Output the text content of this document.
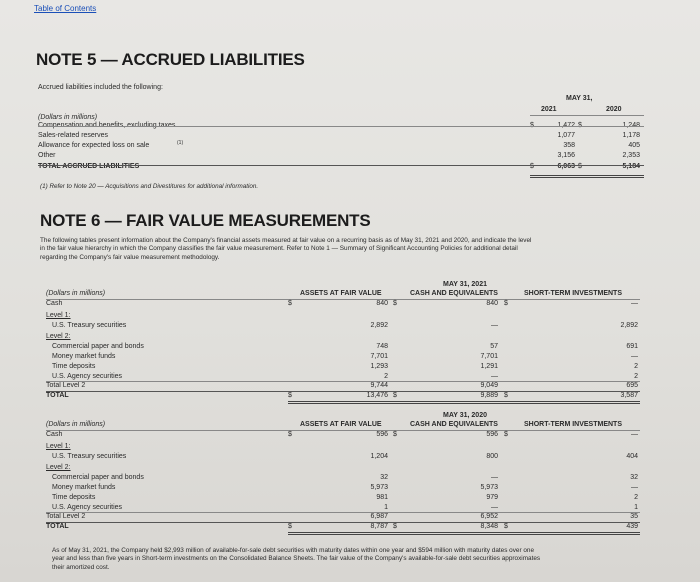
Table of Contents
NOTE 5 — ACCRUED LIABILITIES
Accrued liabilities included the following:
MAY 31,
2021	2020
(Dollars in millions)
Compensation and benefits, excluding taxes	$	1,472 $	1,248
Sales-related reserves	1,077	1,178
Allowance for expected loss on sale	(1)	358	405
Other	3,156	2,353
TOTAL ACCRUED LIABILITIES	$	6,063 $	5,184
(1) Refer to Note 20 — Acquisitions and Divestitures for additional information.
NOTE 6 — FAIR VALUE MEASUREMENTS
The following tables present information about the Company's financial assets measured at fair value on a recurring basis as of May 31, 2021 and 2020, and indicate the level
in the fair value hierarchy in which the Company classifies the fair value measurement. Refer to Note 1 — Summary of Significant Accounting Policies for additional detail
regarding the Company's fair value measurement methodology.
MAY 31, 2021
ASSETS AT FAIR VALUE	CASH AND EQUIVALENTS	SHORT-TERM INVESTMENTS
(Dollars in millions)
Cash	$	840 $	840 $	—
Level 1:
U.S. Treasury securities	2,892	—	2,892
Level 2:
Commercial paper and bonds	748	57	691
Money market funds	7,701	7,701	—
Time deposits	1,293	1,291	2
U.S. Agency securities	2	—	2
Total Level 2	9,744	9,049	695
TOTAL	$	13,476 $	9,889 $	3,587
MAY 31, 2020
ASSETS AT FAIR VALUE	CASH AND EQUIVALENTS	SHORT-TERM INVESTMENTS
(Dollars in millions)
Cash	$	596 $	596 $	—
Level 1:
U.S. Treasury securities	1,204	800	404
Level 2:
Commercial paper and bonds	32	—	32
Money market funds	5,973	5,973	—
Time deposits	981	979	2
U.S. Agency securities	1	—	1
Total Level 2	6,987	6,952	35
TOTAL	$	8,787 $	8,348 $	439
As of May 31, 2021, the Company held $2,993 million of available-for-sale debt securities with maturity dates within one year and $594 million with maturity dates over one
year and less than five years in Short-term investments on the Consolidated Balance Sheets. The fair value of the Company's available-for-sale debt securities approximates
their amortized cost.
